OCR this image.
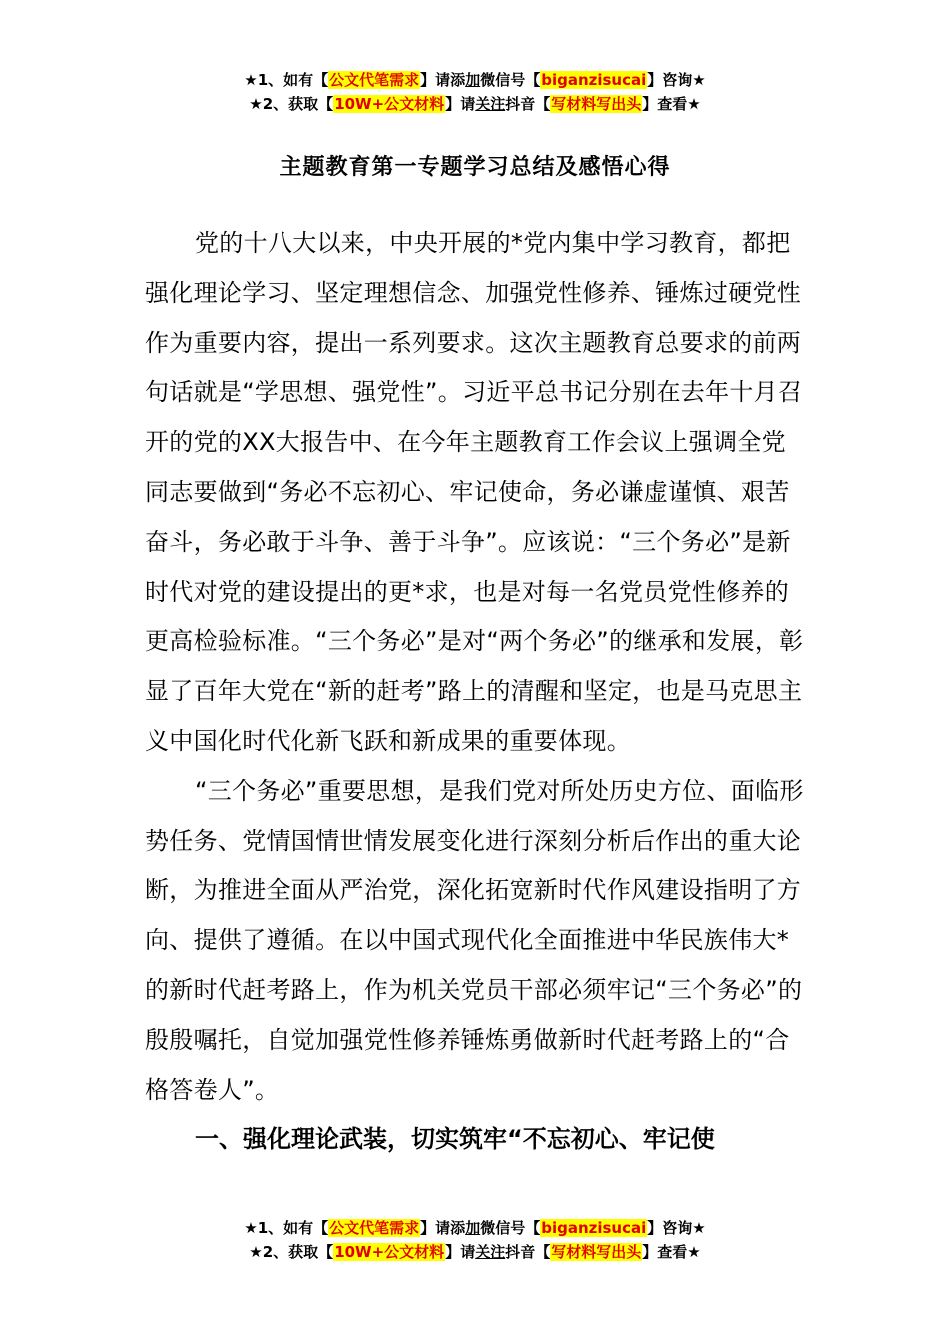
★1、如有【公文代笔需求】请添加微信号【biganzisucai】咨询★
★2、获取【10W+公文材料】请关注抖音【写材料写出头】查看★
主题教育第一专题学习总结及感悟心得

党的十八大以来，中央开展的*党内集中学习教育，都把强化理论学习、坚定理想信念、加强党性修养、锤炼过硬党性作为重要内容，提出一系列要求。这次主题教育总要求的前两句话就是“学思想、强党性”。习近平总书记分别在去年十月召开的党的XX大报告中、在今年主题教育工作会议上强调全党同志要做到“务必不忘初心、牢记使命，务必谦虚谨慎、艰苦奋斗，务必敢于斗争、善于斗争”。应该说：“三个务必”是新时代对党的建设提出的更*求，也是对每一名党员党性修养的更高检验标准。“三个务必”是对“两个务必”的继承和发展，彰显了百年大党在“新的赶考”路上的清醒和坚定，也是马克思主义中国化时代化新飞跃和新成果的重要体现。

“三个务必”重要思想，是我们党对所处历史方位、面临形势任务、党情国情世情发展变化进行深刻分析后作出的重大论断，为推进全面从严治党，深化拓宽新时代作风建设指明了方向、提供了遵循。在以中国式现代化全面推进中华民族伟大*的新时代赶考路上，作为机关党员干部必须牢记“三个务必”的殷殷嘱托，自觉加强党性修养锤炼勇做新时代赶考路上的“合格答卷人”。

一、强化理论武装，切实筑牢“不忘初心、牢记使

★1、如有【公文代笔需求】请添加微信号【biganzisucai】咨询★
★2、获取【10W+公文材料】请关注抖音【写材料写出头】查看★
